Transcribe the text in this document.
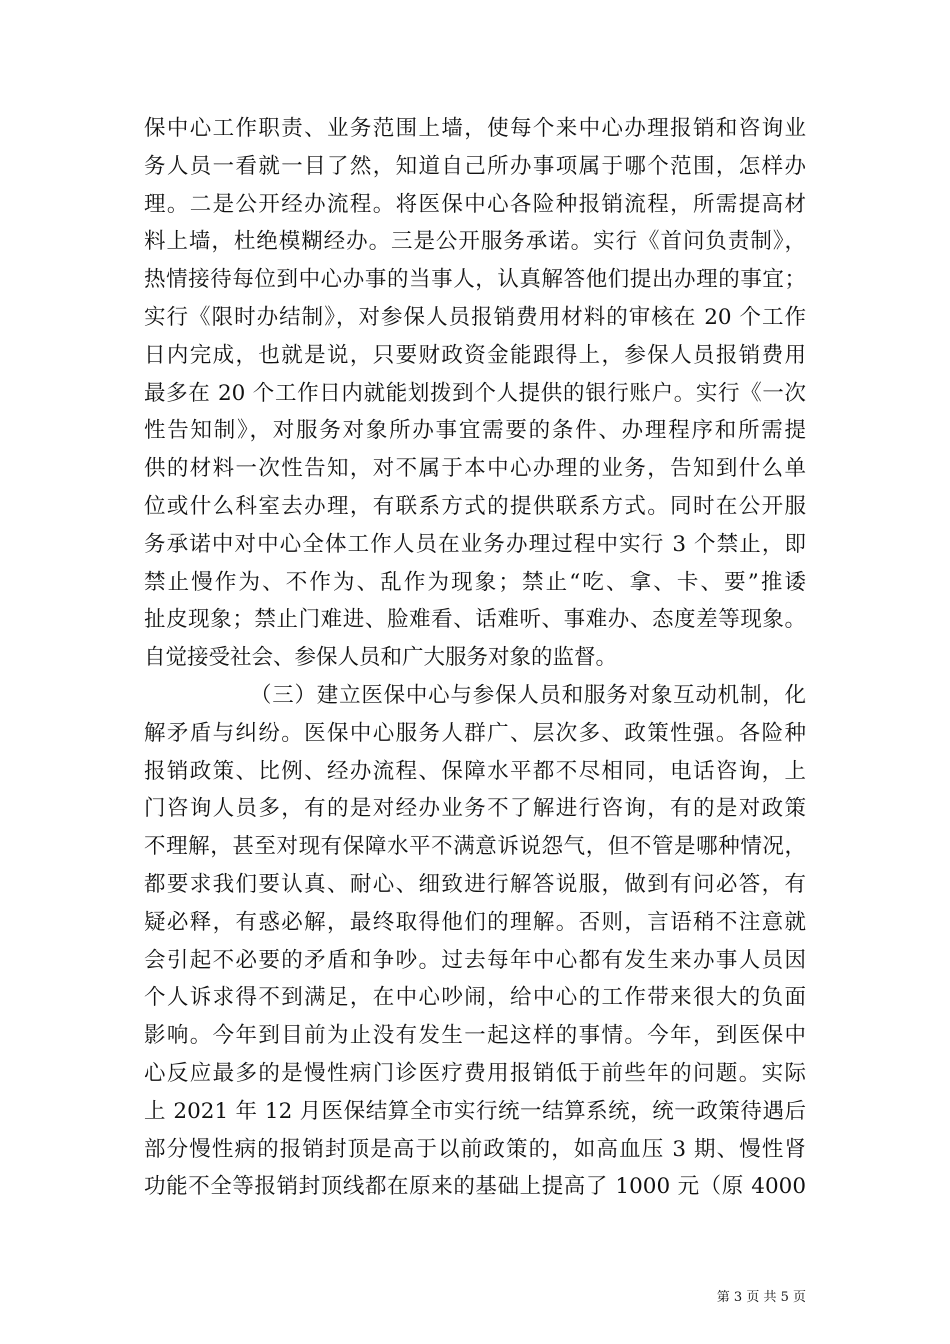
保中心工作职责、业务范围上墙，使每个来中心办理报销和咨询业
务人员一看就一目了然，知道自己所办事项属于哪个范围，怎样办
理。二是公开经办流程。将医保中心各险种报销流程，所需提高材
料上墙，杜绝模糊经办。三是公开服务承诺。实行《首问负责制》，
热情接待每位到中心办事的当事人，认真解答他们提出办理的事宜；
实行《限时办结制》，对参保人员报销费用材料的审核在 20 个工作
日内完成，也就是说，只要财政资金能跟得上，参保人员报销费用
最多在 20 个工作日内就能划拨到个人提供的银行账户。实行《一次
性告知制》，对服务对象所办事宜需要的条件、办理程序和所需提
供的材料一次性告知，对不属于本中心办理的业务，告知到什么单
位或什么科室去办理，有联系方式的提供联系方式。同时在公开服
务承诺中对中心全体工作人员在业务办理过程中实行 3 个禁止，即
禁止慢作为、不作为、乱作为现象；禁止“吃、拿、卡、要”推诿
扯皮现象；禁止门难进、脸难看、话难听、事难办、态度差等现象。
自觉接受社会、参保人员和广大服务对象的监督。
（三）建立医保中心与参保人员和服务对象互动机制，化
解矛盾与纠纷。医保中心服务人群广、层次多、政策性强。各险种
报销政策、比例、经办流程、保障水平都不尽相同，电话咨询，上
门咨询人员多，有的是对经办业务不了解进行咨询，有的是对政策
不理解，甚至对现有保障水平不满意诉说怨气，但不管是哪种情况，
都要求我们要认真、耐心、细致进行解答说服，做到有问必答，有
疑必释，有惑必解，最终取得他们的理解。否则，言语稍不注意就
会引起不必要的矛盾和争吵。过去每年中心都有发生来办事人员因
个人诉求得不到满足，在中心吵闹，给中心的工作带来很大的负面
影响。今年到目前为止没有发生一起这样的事情。今年，到医保中
心反应最多的是慢性病门诊医疗费用报销低于前些年的问题。实际
上 2021 年 12 月医保结算全市实行统一结算系统，统一政策待遇后
部分慢性病的报销封顶是高于以前政策的，如高血压 3 期、慢性肾
功能不全等报销封顶线都在原来的基础上提高了 1000 元（原 4000
第 3 页 共 5 页
